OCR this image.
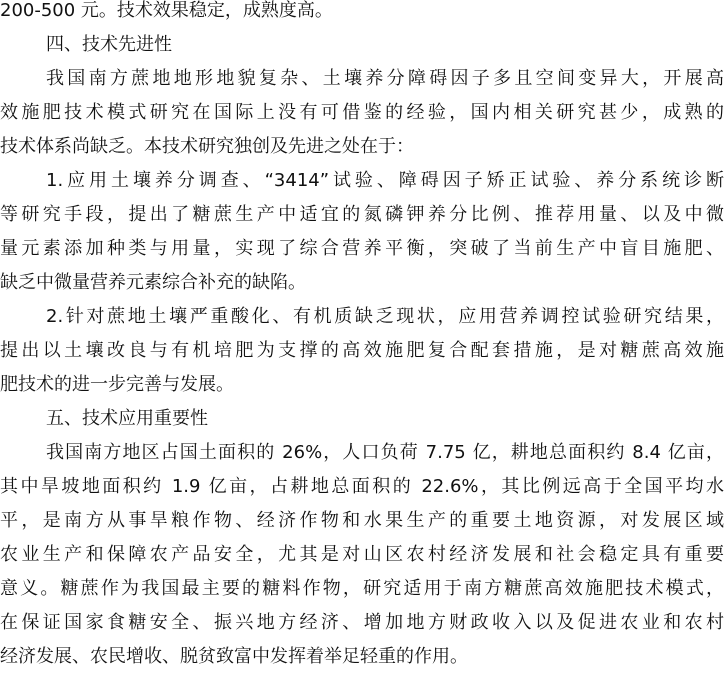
200-500 元。技术效果稳定，成熟度高。
四、技术先进性
我国南方蔗地地形地貌复杂、土壤养分障碍因子多且空间变异大，开展高
效施肥技术模式研究在国际上没有可借鉴的经验，国内相关研究甚少，成熟的
技术体系尚缺乏。本技术研究独创及先进之处在于：
1.应用土壤养分调查、“3414”试验、障碍因子矫正试验、养分系统诊断
等研究手段，提出了糖蔗生产中适宜的氮磷钾养分比例、推荐用量、以及中微
量元素添加种类与用量，实现了综合营养平衡，突破了当前生产中盲目施肥、
缺乏中微量营养元素综合补充的缺陷。
2.针对蔗地土壤严重酸化、有机质缺乏现状，应用营养调控试验研究结果，
提出以土壤改良与有机培肥为支撑的高效施肥复合配套措施，是对糖蔗高效施
肥技术的进一步完善与发展。
五、技术应用重要性
我国南方地区占国土面积的 26%，人口负荷 7.75 亿，耕地总面积约 8.4 亿亩，
其中旱坡地面积约 1.9 亿亩，占耕地总面积的 22.6%，其比例远高于全国平均水
平，是南方从事旱粮作物、经济作物和水果生产的重要土地资源，对发展区域
农业生产和保障农产品安全，尤其是对山区农村经济发展和社会稳定具有重要
意义。糖蔗作为我国最主要的糖料作物，研究适用于南方糖蔗高效施肥技术模式，
在保证国家食糖安全、振兴地方经济、增加地方财政收入以及促进农业和农村
经济发展、农民增收、脱贫致富中发挥着举足轻重的作用。
